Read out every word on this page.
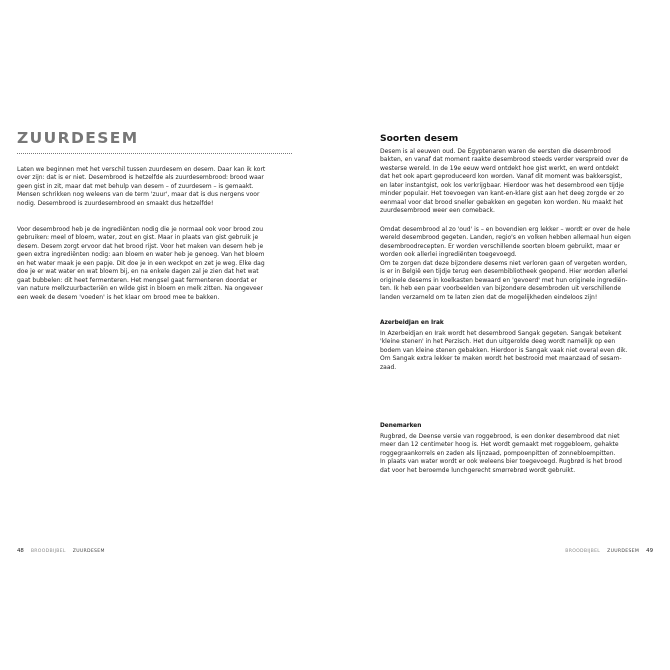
ZUURDESEM

Laten we beginnen met het verschil tussen zuurdesem en desem. Daar kan ik kort
over zijn: dat is er niet. Desembrood is hetzelfde als zuurdesembrood: brood waar
geen gist in zit, maar dat met behulp van desem – of zuurdesem – is gemaakt.
Mensen schrikken nog weleens van de term 'zuur', maar dat is dus nergens voor
nodig. Desembrood is zuurdesembrood en smaakt dus hetzelfde!

Voor desembrood heb je de ingrediënten nodig die je normaal ook voor brood zou
gebruiken: meel of bloem, water, zout en gist. Maar in plaats van gist gebruik je
desem. Desem zorgt ervoor dat het brood rijst. Voor het maken van desem heb je
geen extra ingrediënten nodig: aan bloem en water heb je genoeg. Van het bloem
en het water maak je een papje. Dit doe je in een weckpot en zet je weg. Elke dag
doe je er wat water en wat bloem bij, en na enkele dagen zal je zien dat het wat
gaat bubbelen: dit heet fermenteren. Het mengsel gaat fermenteren doordat er
van nature melkzuurbacteriën en wilde gist in bloem en melk zitten. Na ongeveer
een week de desem 'voeden' is het klaar om brood mee te bakken.

48 BROODBIJBEL ZUURDESEM
Soorten desem

Desem is al eeuwen oud. De Egyptenaren waren de eersten die desembrood
bakten, en vanaf dat moment raakte desembrood steeds verder verspreid over de
westerse wereld. In de 19e eeuw werd ontdekt hoe gist werkt, en werd ontdekt
dat het ook apart geproduceerd kon worden. Vanaf dit moment was bakkersgist,
en later instantgist, ook los verkrijgbaar. Hierdoor was het desembrood een tijdje
minder populair. Het toevoegen van kant-en-klare gist aan het deeg zorgde er zo
eenmaal voor dat brood sneller gebakken en gegeten kon worden. Nu maakt het
zuurdesembrood weer een comeback.

Omdat desembrood al zo 'oud' is – en bovendien erg lekker – wordt er over de hele
wereld desembrood gegeten. Landen, regio's en volken hebben allemaal hun eigen
desembroodrecepten. Er worden verschillende soorten bloem gebruikt, maar er
worden ook allerlei ingrediënten toegevoegd.
Om te zorgen dat deze bijzondere desems niet verloren gaan of vergeten worden,
is er in België een tijdje terug een desembibliotheek geopend. Hier worden allerlei
originele desems in koelkasten bewaard en 'gevoerd' met hun originele ingrediën-
ten. Ik heb een paar voorbeelden van bijzondere desembroden uit verschillende
landen verzameld om te laten zien dat de mogelijkheden eindeloos zijn!

Azerbeidjan en Irak

In Azerbeidjan en Irak wordt het desembrood Sangak gegeten. Sangak betekent
'kleine stenen' in het Perzisch. Het dun uitgerolde deeg wordt namelijk op een
bodem van kleine stenen gebakken. Hierdoor is Sangak vaak niet overal even dik.
Om Sangak extra lekker te maken wordt het bestrooid met maanzaad of sesam-
zaad.

Denemarken

Rugbrød, de Deense versie van roggebrood, is een donker desembrood dat niet
meer dan 12 centimeter hoog is. Het wordt gemaakt met roggebloem, gehakte
roggegraankorrels en zaden als lijnzaad, pompoenpitten of zonnebloempitten.
In plaats van water wordt er ook weleens bier toegevoegd. Rugbrød is het brood
dat voor het beroemde lunchgerecht smørrebrød wordt gebruikt.

BROODBIJBEL ZUURDESEM 49
